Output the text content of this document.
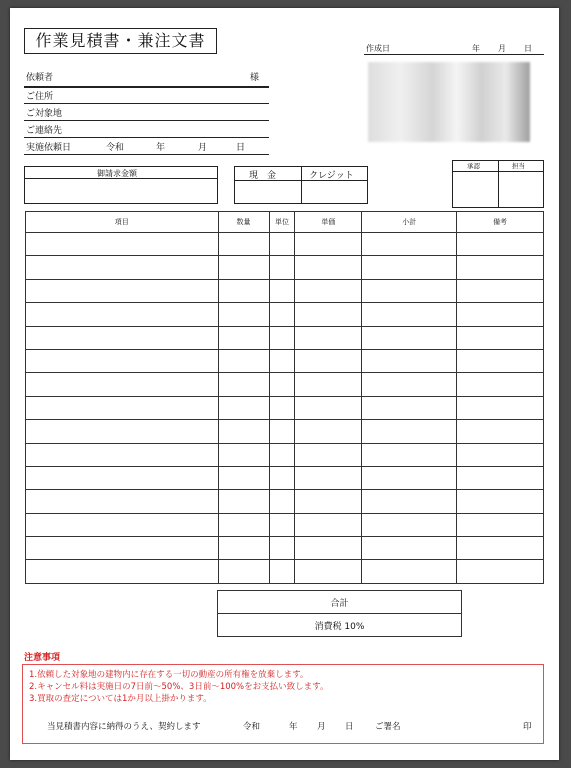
作業見積書・兼注文書	作成日	年 月 日
依頼者	様
ご住所
ご対象地
ご連絡先
実施依頼日	令和	年	月	日
御請求金額	現　金	クレジット
承認	担当
項目	数量	単位	単価	小計	備考

合計
消費税 10%
注意事項
1.依頼した対象地の建物内に存在する一切の動産の所有権を放棄します。
2.キャンセル料は実施日の7日前～50%、3日前～100%をお支払い致します。
3.買取の査定については1か月以上掛かります。
当見積書内容に納得のうえ、契約します	令和	年 月 日	ご署名	印
